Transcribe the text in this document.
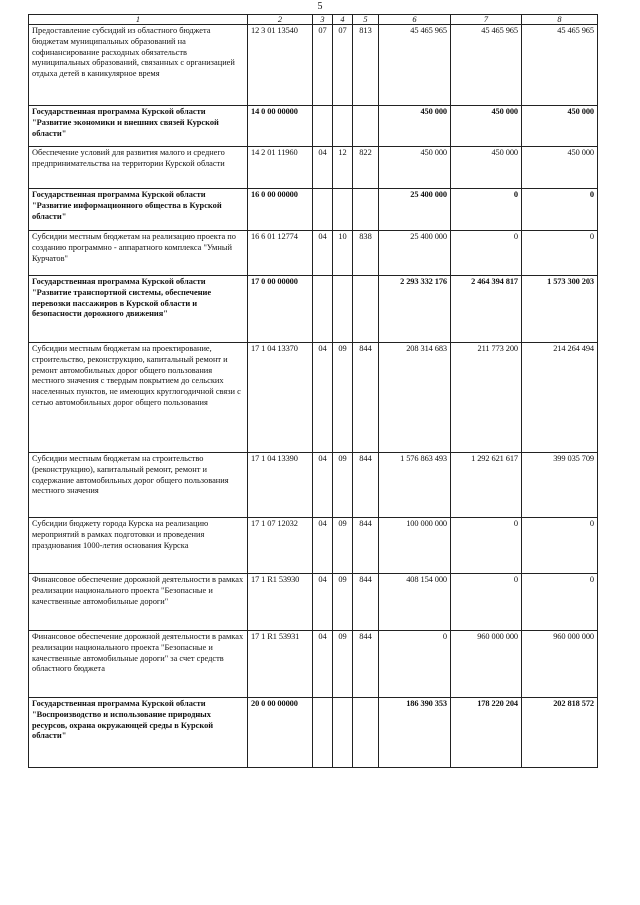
5
1	2	3	4	5	6	7	8
Предоставление субсидий из областного бюджета бюджетам муниципальных образований на софинансирование расходных обязательств муниципальных образований, связанных с организацией отдыха детей в каникулярное время	12 3 01 13540	07	07	813	45 465 965	45 465 965	45 465 965
Государственная программа Курской области "Развитие экономики и внешних связей Курской области"	14 0 00 00000				450 000	450 000	450 000
Обеспечение условий для развития малого и среднего предпринимательства на территории Курской области	14 2 01 11960	04	12	822	450 000	450 000	450 000
Государственная программа Курской области "Развитие информационного общества в Курской области"	16 0 00 00000				25 400 000	0	0
Субсидии местным бюджетам на реализацию проекта по созданию программно - аппаратного комплекса "Умный Курчатов"	16 6 01 12774	04	10	838	25 400 000	0	0
Государственная программа Курской области "Развитие транспортной системы, обеспечение перевозки пассажиров в Курской области и безопасности дорожного движения"	17 0 00 00000				2 293 332 176	2 464 394 817	1 573 300 203
Субсидии местным бюджетам на проектирование, строительство, реконструкцию, капитальный ремонт и ремонт автомобильных дорог общего пользования местного значения с твердым покрытием до сельских населенных пунктов, не имеющих круглогодичной связи с сетью автомобильных дорог общего пользования	17 1 04 13370	04	09	844	208 314 683	211 773 200	214 264 494
Субсидии местным бюджетам на строительство (реконструкцию), капитальный ремонт, ремонт и содержание автомобильных дорог общего пользования местного значения	17 1 04 13390	04	09	844	1 576 863 493	1 292 621 617	399 035 709
Субсидии бюджету города Курска на реализацию мероприятий в рамках подготовки и проведения празднования 1000-летия основания Курска	17 1 07 12032	04	09	844	100 000 000	0	0
Финансовое обеспечение дорожной деятельности в рамках реализации национального проекта "Безопасные и качественные автомобильные дороги"	17 1 R1 53930	04	09	844	408 154 000	0	0
Финансовое обеспечение дорожной деятельности в рамках реализации национального проекта "Безопасные и качественные автомобильные дороги" за счет средств областного бюджета	17 1 R1 53931	04	09	844	0	960 000 000	960 000 000
Государственная программа Курской области "Воспроизводство и использование природных ресурсов, охрана окружающей среды в Курской области"	20 0 00 00000				186 390 353	178 220 204	202 818 572
